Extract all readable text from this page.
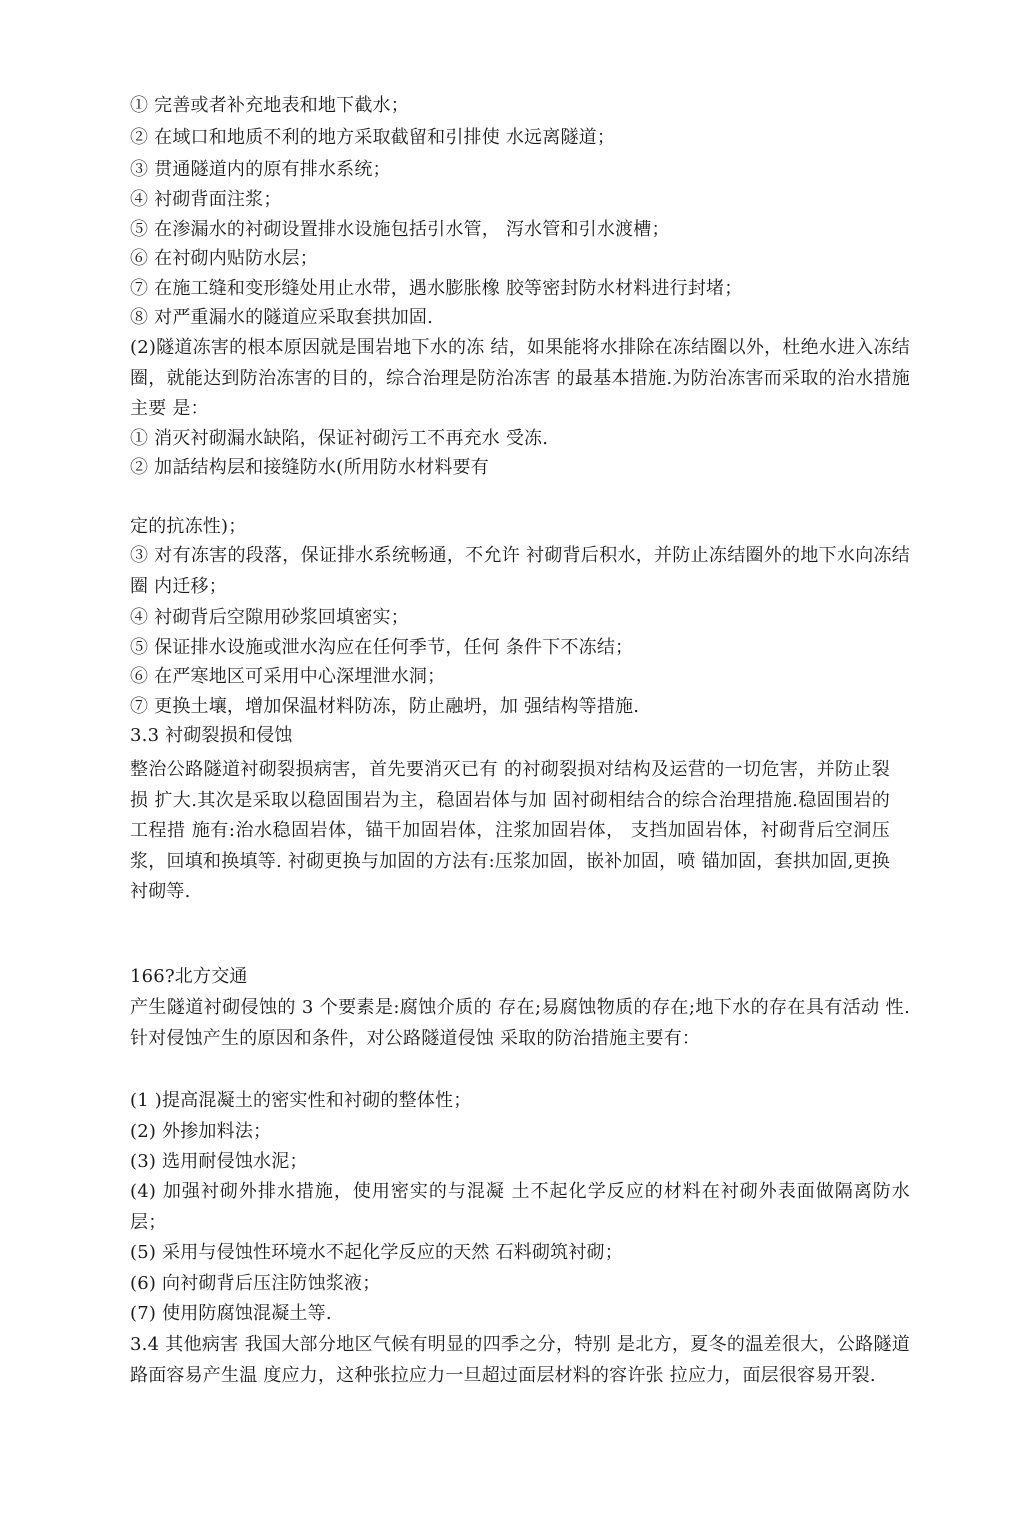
① 完善或者补充地表和地下截水；
② 在域口和地质不利的地方采取截留和引排使 水远离隧道；
③ 贯通隧道内的原有排水系统；
④ 衬砌背面注浆；
⑤ 在渗漏水的衬砌设置排水设施包括引水管， 泻水管和引水渡槽；
⑥ 在衬砌内贴防水层；
⑦ 在施工缝和变形缝处用止水带，遇水膨胀橡 胶等密封防水材料进行封堵；
⑧ 对严重漏水的隧道应采取套拱加固.
(2)隧道冻害的根本原因就是围岩地下水的冻 结，如果能将水排除在冻结圈以外，杜绝水进入冻结 圈，就能达到防治冻害的目的，综合治理是防治冻害 的最基本措施.为防治冻害而采取的治水措施主要 是：
① 消灭衬砌漏水缺陷，保证衬砌污工不再充水 受冻.
② 加話结构层和接缝防水(所用防水材料要有
定的抗冻性)；
③ 对有冻害的段落，保证排水系统畅通，不允许 衬砌背后积水，并防止冻结圈外的地下水向冻结圈 内迁移；
④ 衬砌背后空隙用砂浆回填密实；
⑤ 保证排水设施或泄水沟应在任何季节，任何 条件下不冻结；
⑥ 在严寒地区可采用中心深埋泄水洞；
⑦ 更换土壤，增加保温材料防冻，防止融坍，加 强结构等措施.
3.3 衬砌裂损和侵蚀
整治公路隧道衬砌裂损病害，首先要消灭已有 的衬砌裂损对结构及运营的一切危害，并防止裂损 扩大.其次是采取以稳固围岩为主，稳固岩体与加 固衬砌相结合的综合治理措施.稳固围岩的工程措 施有:治水稳固岩体，锚干加固岩体，注浆加固岩体， 支挡加固岩体，衬砌背后空洞压浆，回填和换填等. 衬砌更换与加固的方法有:压浆加固，嵌补加固，喷 锚加固，套拱加固,更换衬砌等.
166?北方交通
产生隧道衬砌侵蚀的 3 个要素是:腐蚀介质的 存在;易腐蚀物质的存在;地下水的存在具有活动 性.针对侵蚀产生的原因和条件，对公路隧道侵蚀 采取的防治措施主要有：
(1 )提高混凝土的密实性和衬砌的整体性；
(2) 外掺加料法；
(3) 选用耐侵蚀水泥；
(4) 加强衬砌外排水措施，使用密实的与混凝 土不起化学反应的材料在衬砌外表面做隔离防水 层；
(5) 采用与侵蚀性环境水不起化学反应的天然 石料砌筑衬砌；
(6) 向衬砌背后压注防蚀浆液；
(7) 使用防腐蚀混凝土等.
3.4 其他病害 我国大部分地区气候有明显的四季之分，特别 是北方，夏冬的温差很大，公路隧道路面容易产生温 度应力，这种张拉应力一旦超过面层材料的容许张 拉应力，面层很容易开裂.
